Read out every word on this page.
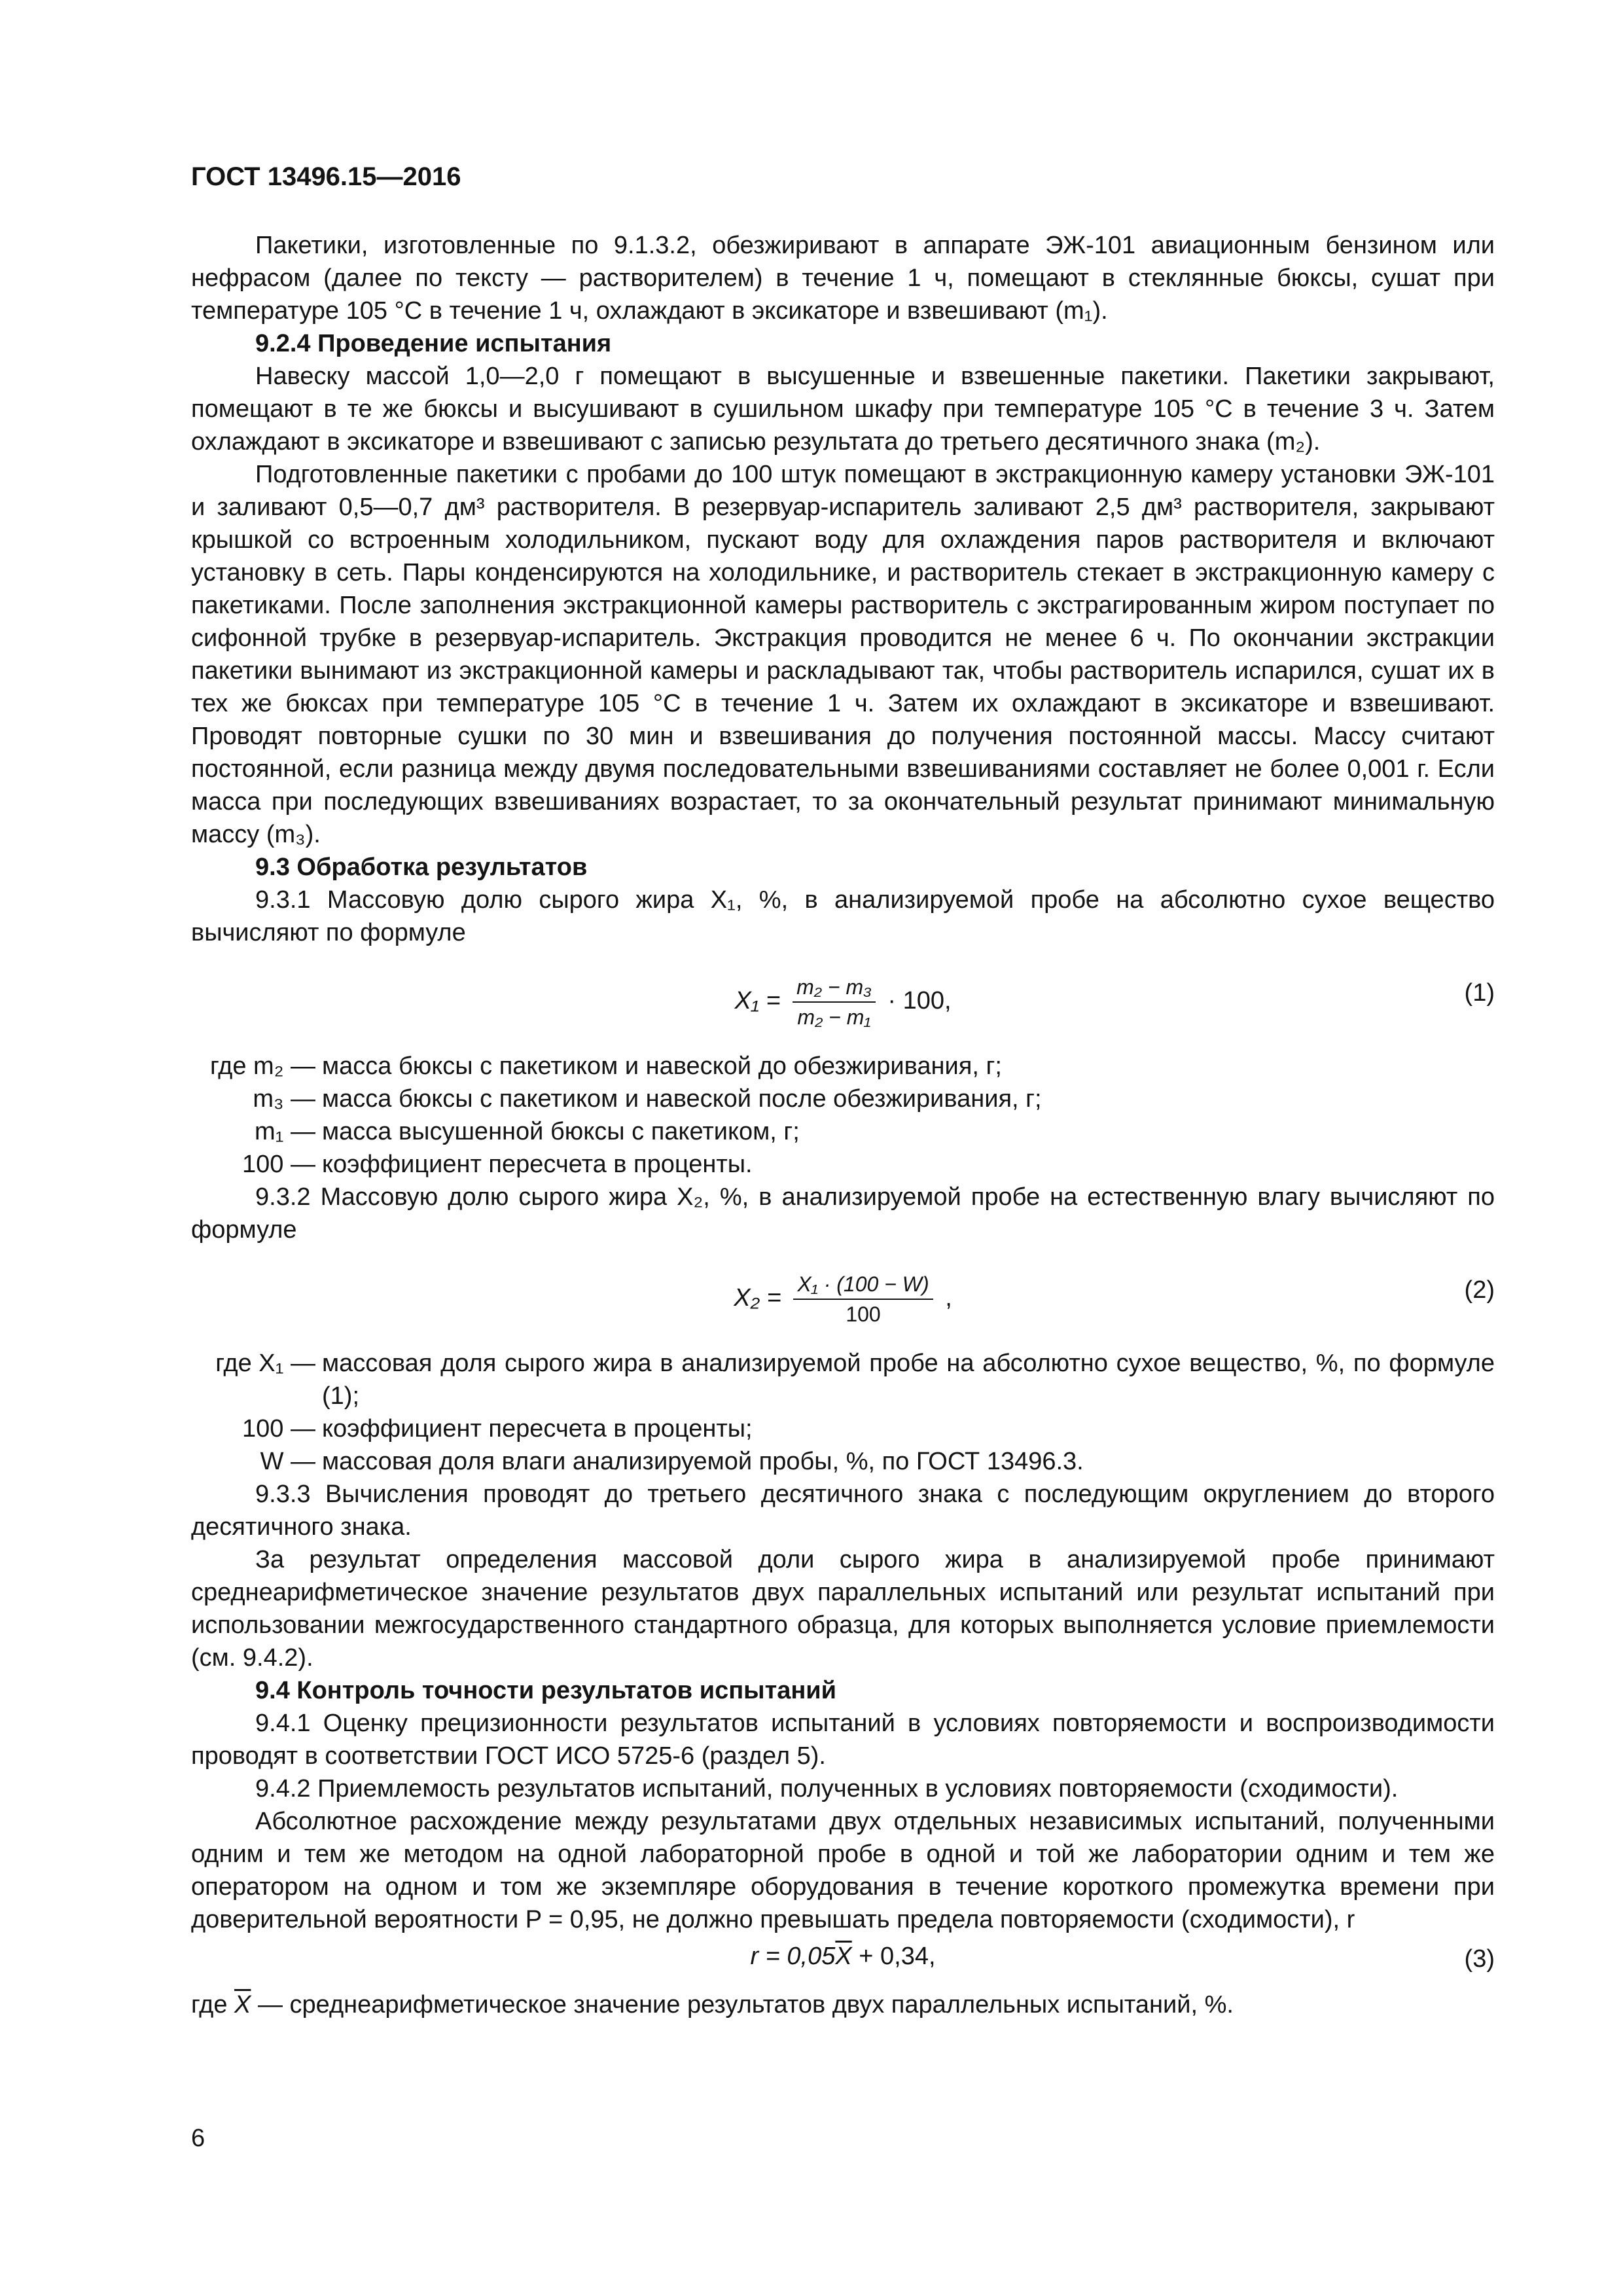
ГОСТ 13496.15—2016

Пакетики, изготовленные по 9.1.3.2, обезжиривают в аппарате ЭЖ-101 авиационным бензином или нефрасом (далее по тексту — растворителем) в течение 1 ч, помещают в стеклянные бюксы, сушат при температуре 105 °С в течение 1 ч, охлаждают в эксикаторе и взвешивают (m₁).

9.2.4 Проведение испытания

Навеску массой 1,0—2,0 г помещают в высушенные и взвешенные пакетики. Пакетики закрывают, помещают в те же бюксы и высушивают в сушильном шкафу при температуре 105 °С в течение 3 ч. Затем охлаждают в эксикаторе и взвешивают с записью результата до третьего десятичного знака (m₂).

Подготовленные пакетики с пробами до 100 штук помещают в экстракционную камеру установки ЭЖ-101 и заливают 0,5—0,7 дм³ растворителя. В резервуар-испаритель заливают 2,5 дм³ растворителя, закрывают крышкой со встроенным холодильником, пускают воду для охлаждения паров растворителя и включают установку в сеть. Пары конденсируются на холодильнике, и растворитель стекает в экстракционную камеру с пакетиками. После заполнения экстракционной камеры растворитель с экстрагированным жиром поступает по сифонной трубке в резервуар-испаритель. Экстракция проводится не менее 6 ч. По окончании экстракции пакетики вынимают из экстракционной камеры и раскладывают так, чтобы растворитель испарился, сушат их в тех же бюксах при температуре 105 °С в течение 1 ч. Затем их охлаждают в эксикаторе и взвешивают. Проводят повторные сушки по 30 мин и взвешивания до получения постоянной массы. Массу считают постоянной, если разница между двумя последовательными взвешиваниями составляет не более 0,001 г. Если масса при последующих взвешиваниях возрастает, то за окончательный результат принимают минимальную массу (m₃).

9.3 Обработка результатов

9.3.1 Массовую долю сырого жира X₁, %, в анализируемой пробе на абсолютно сухое вещество вычисляют по формуле

$X_1 = \frac{\text{m₂ − m₃}}{\text{m₂ − m₁}} \cdot 100$,	(1)
где m₂ — масса бюксы с пакетиком и навеской до обезжиривания, г;
m₃ — масса бюксы с пакетиком и навеской после обезжиривания, г;
m₁ — масса высушенной бюксы с пакетиком, г;
100 — коэффициент пересчета в проценты.

9.3.2 Массовую долю сырого жира X₂, %, в анализируемой пробе на естественную влагу вычисляют по формуле

$X_2 = \frac{\text{X₁ · (100 − W)}}{100}$ ,	(2)
где X₁ — массовая доля сырого жира в анализируемой пробе на абсолютно сухое вещество, %, по формуле (1);
100 — коэффициент пересчета в проценты;
W — массовая доля влаги анализируемой пробы, %, по ГОСТ 13496.3.

9.3.3 Вычисления проводят до третьего десятичного знака с последующим округлением до второго десятичного знака.

За результат определения массовой доли сырого жира в анализируемой пробе принимают среднеарифметическое значение результатов двух параллельных испытаний или результат испытаний при использовании межгосударственного стандартного образца, для которых выполняется условие приемлемости (см. 9.4.2).

9.4 Контроль точности результатов испытаний

9.4.1 Оценку прецизионности результатов испытаний в условиях повторяемости и воспроизводимости проводят в соответствии ГОСТ ИСО 5725-6 (раздел 5).

9.4.2 Приемлемость результатов испытаний, полученных в условиях повторяемости (сходимости).

Абсолютное расхождение между результатами двух отдельных независимых испытаний, полученными одним и тем же методом на одной лабораторной пробе в одной и той же лаборатории одним и тем же оператором на одном и том же экземпляре оборудования в течение короткого промежутка времени при доверительной вероятности P = 0,95, не должно превышать предела повторяемости (сходимости), r

$r = 0,05\overline{X} + 0,34$,	(3)

где $\overline{X}$ — среднеарифметическое значение результатов двух параллельных испытаний, %.

6
